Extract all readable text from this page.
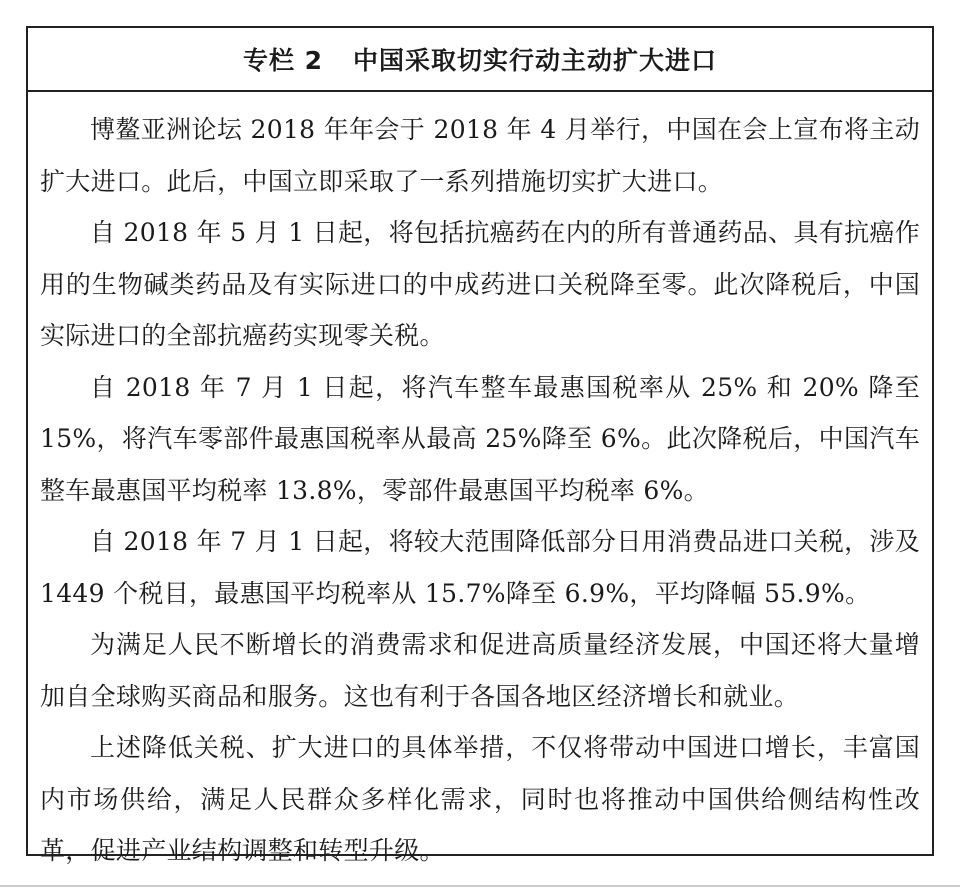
专栏 2 中国采取切实行动主动扩大进口

博鳌亚洲论坛 2018 年年会于 2018 年 4 月举行，中国在会上宣布将主动扩大进口。此后，中国立即采取了一系列措施切实扩大进口。

自 2018 年 5 月 1 日起，将包括抗癌药在内的所有普通药品、具有抗癌作用的生物碱类药品及有实际进口的中成药进口关税降至零。此次降税后，中国实际进口的全部抗癌药实现零关税。

自 2018 年 7 月 1 日起，将汽车整车最惠国税率从 25% 和 20% 降至 15%，将汽车零部件最惠国税率从最高 25%降至 6%。此次降税后，中国汽车整车最惠国平均税率 13.8%，零部件最惠国平均税率 6%。

自 2018 年 7 月 1 日起，将较大范围降低部分日用消费品进口关税，涉及 1449 个税目，最惠国平均税率从 15.7%降至 6.9%，平均降幅 55.9%。

为满足人民不断增长的消费需求和促进高质量经济发展，中国还将大量增加自全球购买商品和服务。这也有利于各国各地区经济增长和就业。

上述降低关税、扩大进口的具体举措，不仅将带动中国进口增长，丰富国内市场供给，满足人民群众多样化需求，同时也将推动中国供给侧结构性改革，促进产业结构调整和转型升级。
